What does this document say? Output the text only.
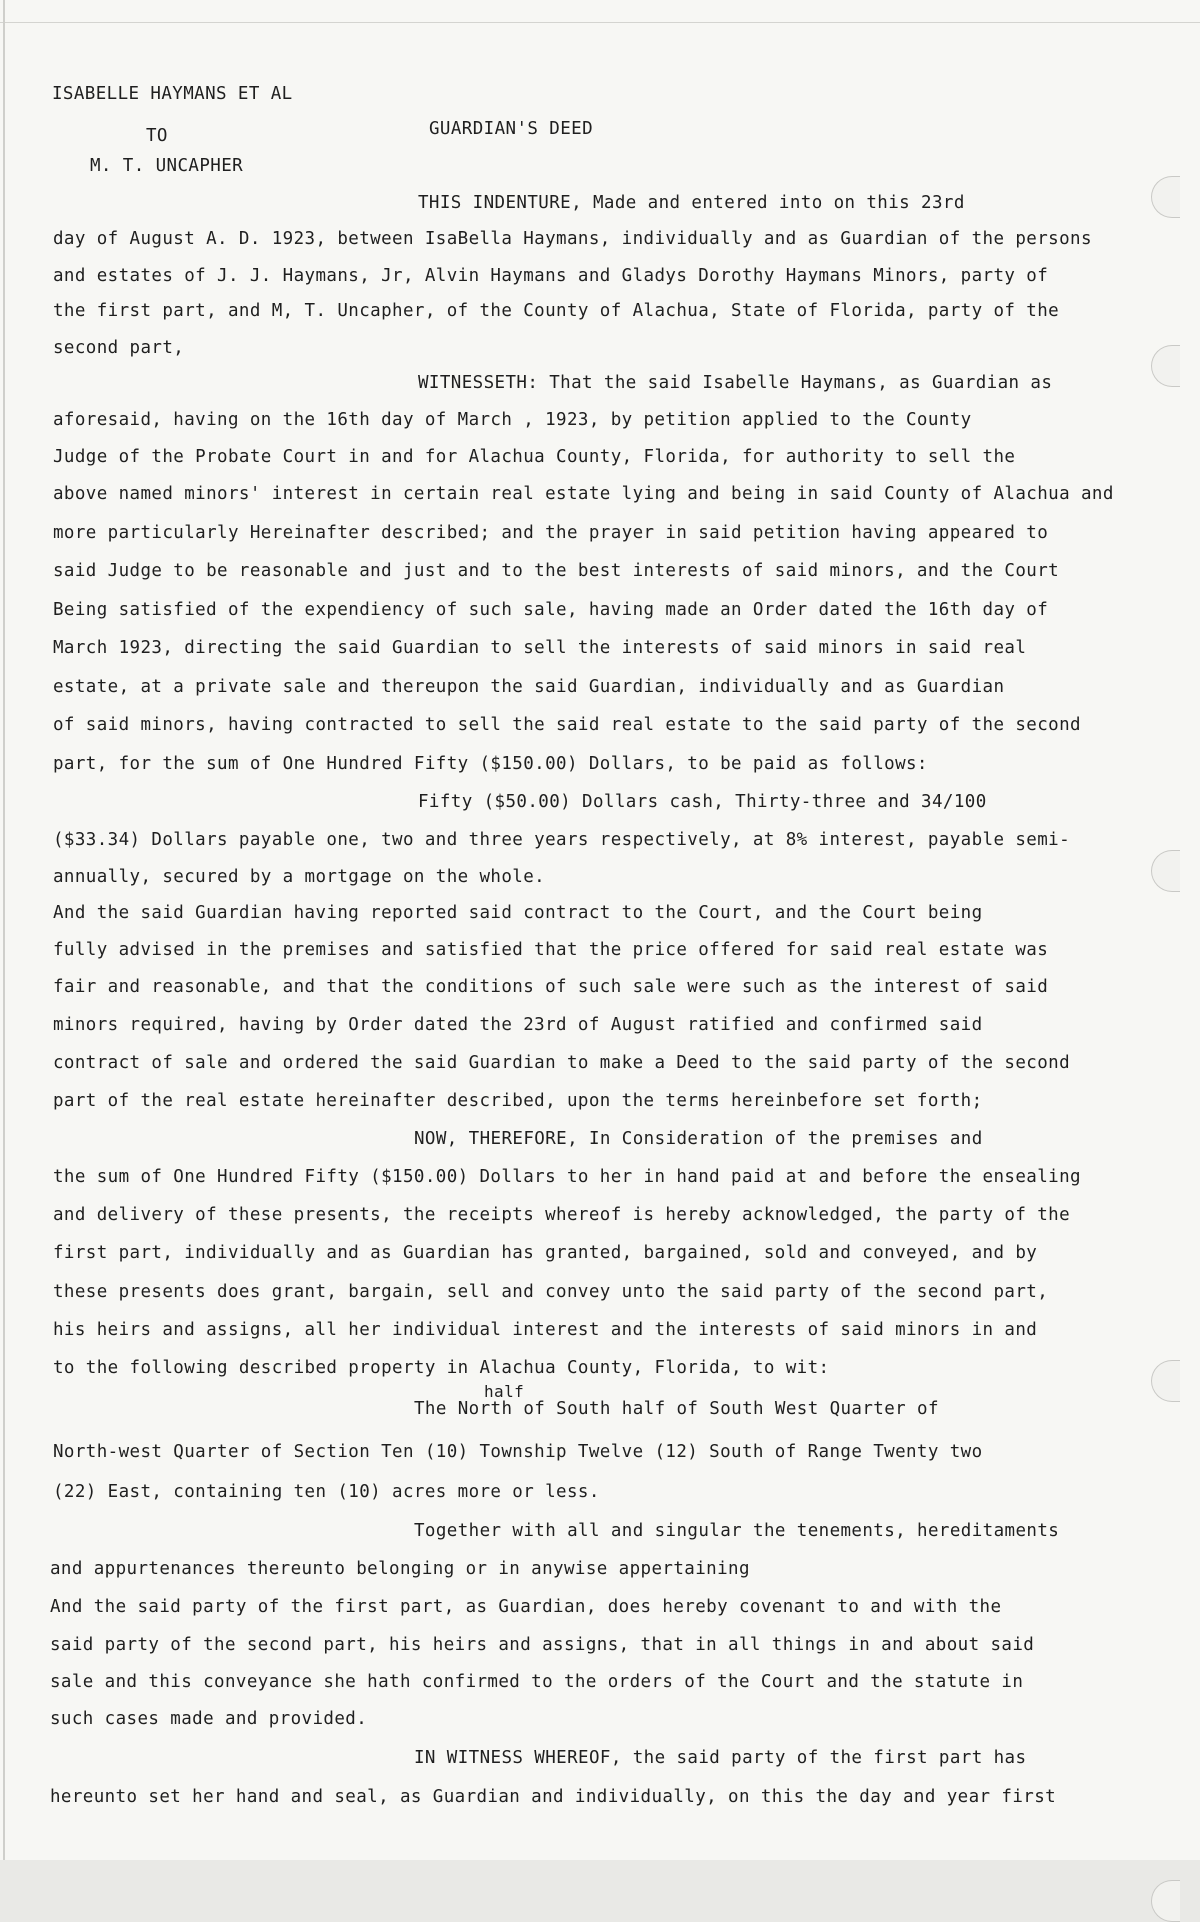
ISABELLE HAYMANS ET AL
TO	GUARDIAN'S DEED
M. T. UNCAPHER
THIS INDENTURE, Made and entered into on this 23rd
day of August A. D. 1923, between IsaBella Haymans, individually and as Guardian of the persons
and estates of J. J. Haymans, Jr, Alvin Haymans and Gladys Dorothy Haymans Minors, party of
the first part, and M, T. Uncapher, of the County of Alachua, State of Florida, party of the
second part,
WITNESSETH: That the said Isabelle Haymans, as Guardian as
aforesaid, having on the 16th day of March , 1923, by petition applied to the County
Judge of the Probate Court in and for Alachua County, Florida, for authority to sell the
above named minors' interest in certain real estate lying and being in said County of Alachua and
more particularly Hereinafter described; and the prayer in said petition having appeared to
said Judge to be reasonable and just and to the best interests of said minors, and the Court
Being satisfied of the expendiency of such sale, having made an Order dated the 16th day of
March 1923, directing the said Guardian to sell the interests of said minors in said real
estate, at a private sale and thereupon the said Guardian, individually and as Guardian
of said minors, having contracted to sell the said real estate to the said party of the second
part, for the sum of One Hundred Fifty ($150.00) Dollars, to be paid as follows:
Fifty ($50.00) Dollars cash, Thirty-three and 34/100
($33.34) Dollars payable one, two and three years respectively, at 8% interest, payable semi-
annually, secured by a mortgage on the whole.
And the said Guardian having reported said contract to the Court, and the Court being
fully advised in the premises and satisfied that the price offered for said real estate was
fair and reasonable, and that the conditions of such sale were such as the interest of said
minors required, having by Order dated the 23rd of August ratified and confirmed said
contract of sale and ordered the said Guardian to make a Deed to the said party of the second
part of the real estate hereinafter described, upon the terms hereinbefore set forth;
NOW, THEREFORE, In Consideration of the premises and
the sum of One Hundred Fifty ($150.00) Dollars to her in hand paid at and before the ensealing
and delivery of these presents, the receipts whereof is hereby acknowledged, the party of the
first part, individually and as Guardian has granted, bargained, sold and conveyed, and by
these presents does grant, bargain, sell and convey unto the said party of the second part,
his heirs and assigns, all her individual interest and the interests of said minors in and
to the following described property in Alachua County, Florida, to wit:
half
The North of South half of South West Quarter of
North-west Quarter of Section Ten (10) Township Twelve (12) South of Range Twenty two
(22) East, containing ten (10) acres more or less.
Together with all and singular the tenements, hereditaments
and appurtenances thereunto belonging or in anywise appertaining
And the said party of the first part, as Guardian, does hereby covenant to and with the
said party of the second part, his heirs and assigns, that in all things in and about said
sale and this conveyance she hath confirmed to the orders of the Court and the statute in
such cases made and provided.
IN WITNESS WHEREOF, the said party of the first part has
hereunto set her hand and seal, as Guardian and individually, on this the day and year first
